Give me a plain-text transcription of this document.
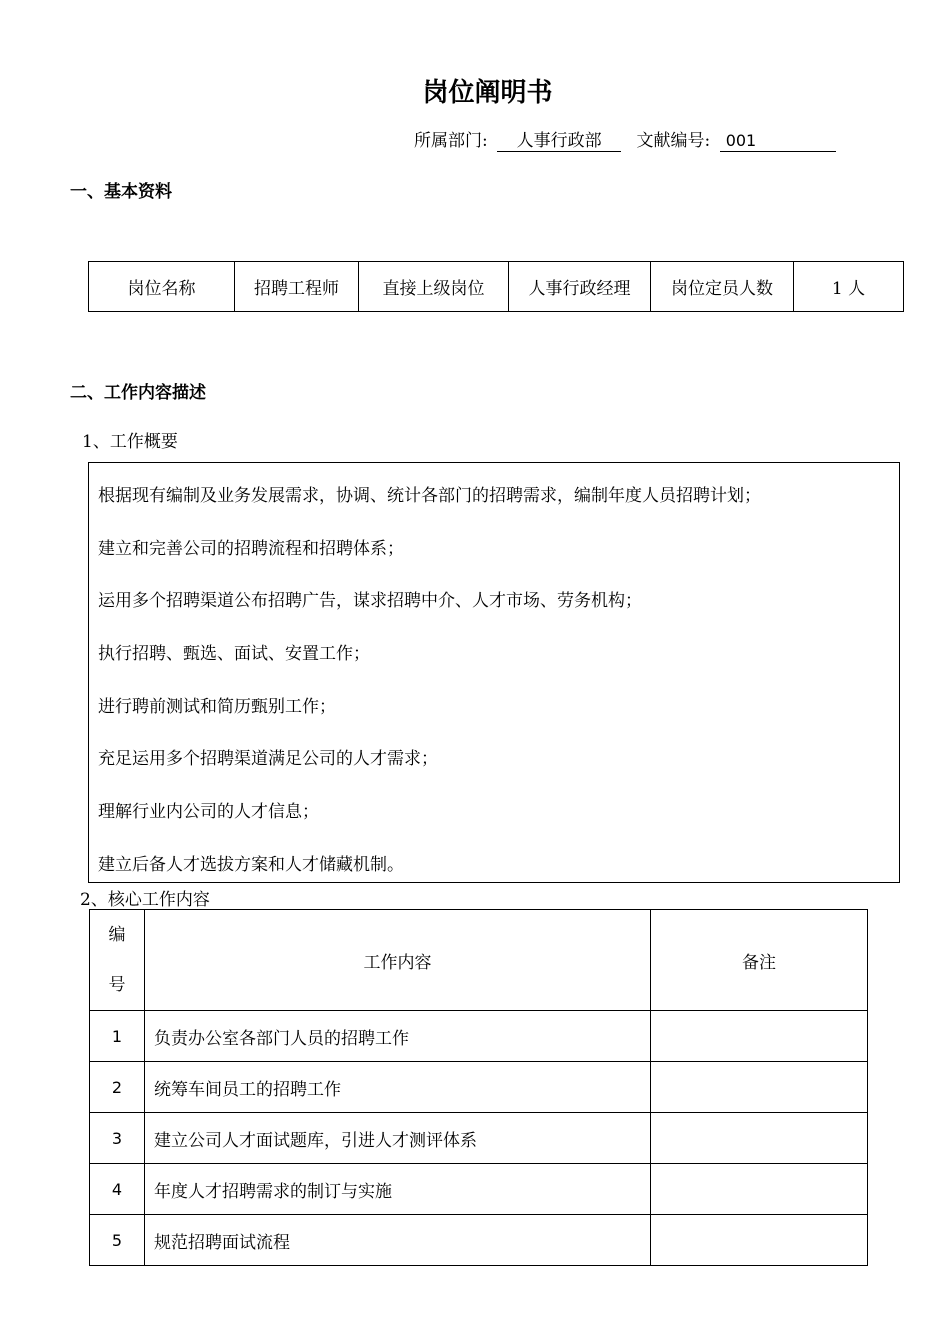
岗位阐明书
所属部门: 人事行政部 文献编号: 001
一、基本资料
岗位名称	招聘工程师	直接上级岗位	人事行政经理	岗位定员人数	1 人
二、工作内容描述
1、工作概要
根据现有编制及业务发展需求，协调、统计各部门的招聘需求，编制年度人员招聘计划；
建立和完善公司的招聘流程和招聘体系；
运用多个招聘渠道公布招聘广告，谋求招聘中介、人才市场、劳务机构；
执行招聘、甄选、面试、安置工作；
进行聘前测试和简历甄别工作；
充足运用多个招聘渠道满足公司的人才需求；
理解行业内公司的人才信息；
建立后备人才选拔方案和人才储藏机制。
2、核心工作内容
编
号	工作内容	备注
1	负责办公室各部门人员的招聘工作	
2	统筹车间员工的招聘工作	
3	建立公司人才面试题库，引进人才测评体系	
4	年度人才招聘需求的制订与实施	
5	规范招聘面试流程	
